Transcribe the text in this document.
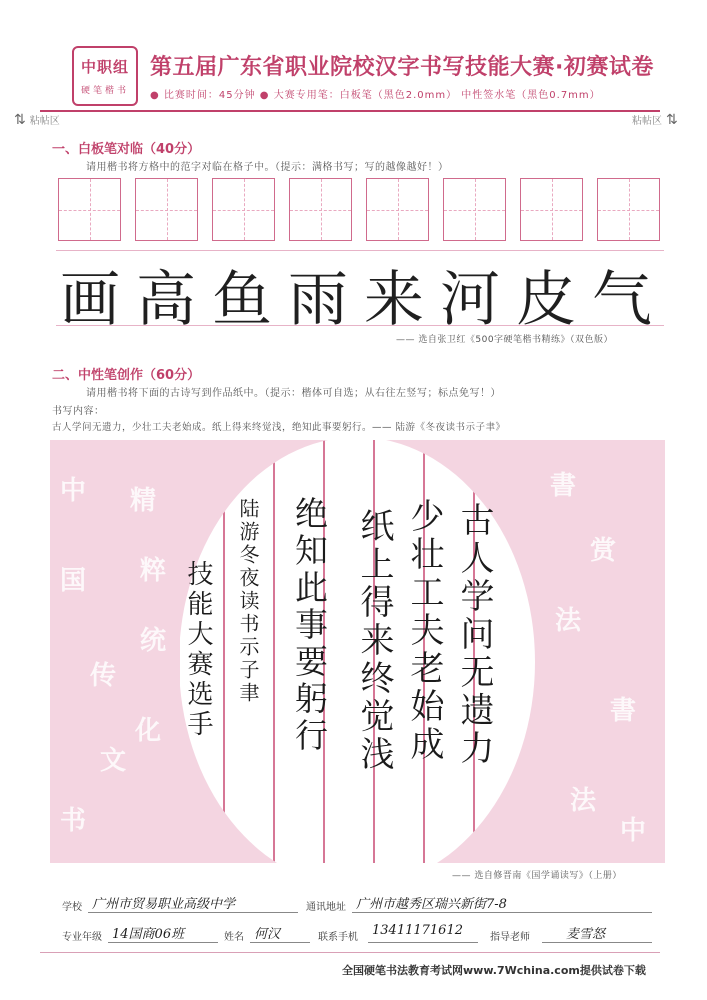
中职组
硬笔楷书
第五届广东省职业院校汉字书写技能大赛·初赛试卷
● 比赛时间：45分钟 ● 大赛专用笔：白板笔（黑色2.0mm） 中性签水笔（黑色0.7mm）
⇅ 粘帖区	粘帖区 ⇅
一、白板笔对临（40分）
请用楷书将方格中的范字对临在格子中。（提示：满格书写；写的越像越好！）
画 高 鱼 雨 来 河 皮 气
—— 选自张卫红《500字硬笔楷书精练》（双色版）
二、中性笔创作（60分）
请用楷书将下面的古诗写到作品纸中。（提示：楷体可自选；从右往左竖写；标点免写！）
书写内容：
古人学问无遗力，少壮工夫老始成。纸上得来终觉浅，绝知此事要躬行。—— 陆游《冬夜读书示子聿》
中
国
传
文
书
精
粹
统
化
書
赏
法
書
法
中
古人学问无遗力
少壮工夫老始成
纸上得来终觉浅
绝知此事要躬行
陆游冬夜读书示子聿
技能大赛选手
—— 选自修晋南《国学诵读写》（上册）
学校 广州市贸易职业高级中学	通讯地址 广州市越秀区瑞兴新街7-8
专业年级 14国商06班	姓名 何汉	联系手机 13411171612	指导老师	麦雪怒
全国硬笔书法教育考试网www.7Wchina.com提供试卷下载
